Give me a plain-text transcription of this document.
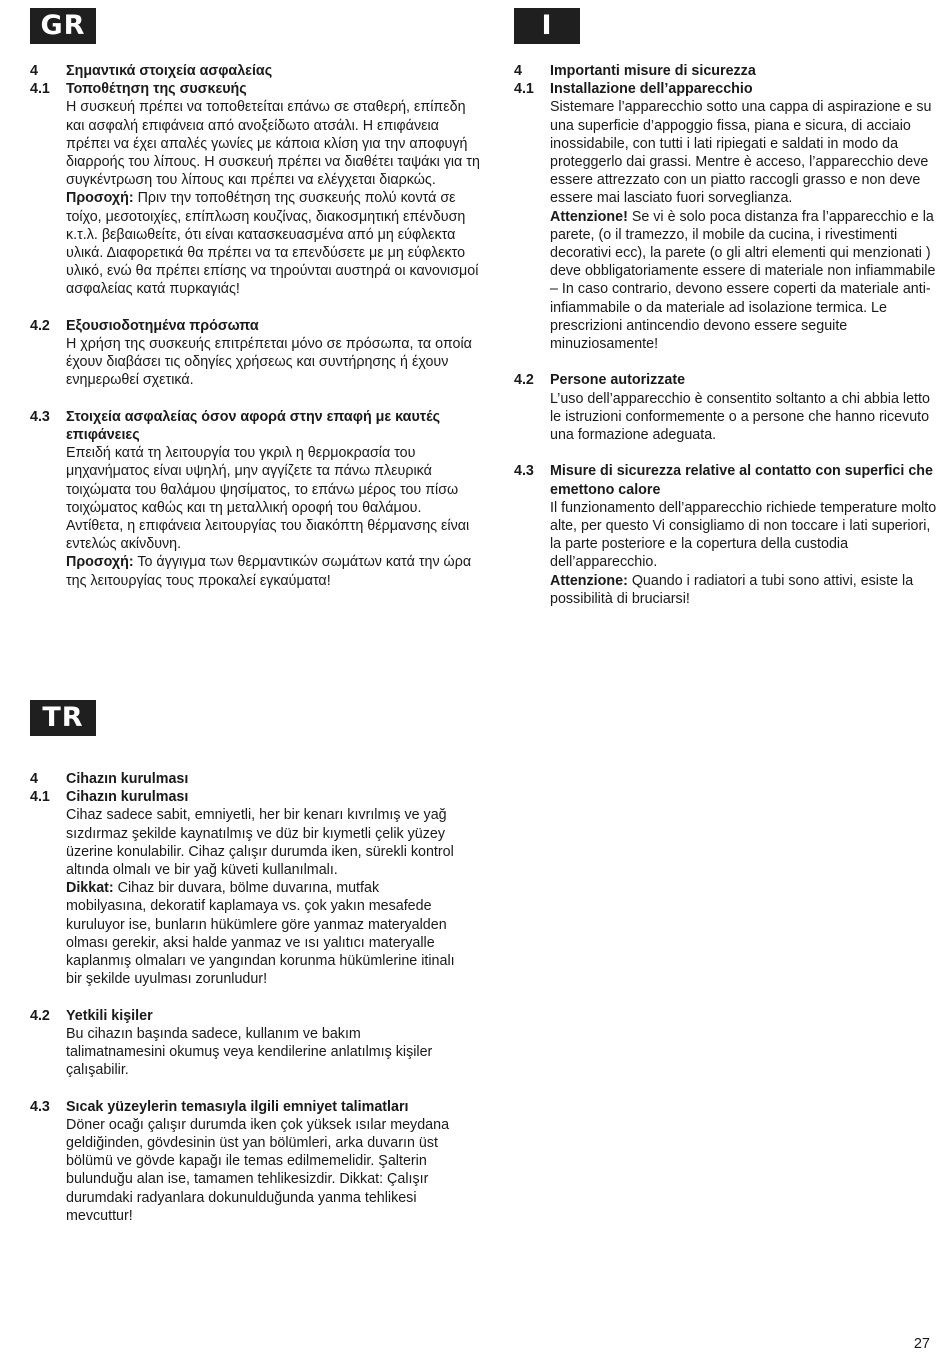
GR
4	Σημαντικά στοιχεία ασφαλείας
4.1	Τοποθέτηση της συσκευής
Η συσκευή πρέπει να τοποθετείται επάνω σε σταθερή, επίπεδη και ασφαλή επιφάνεια από ανοξείδωτο ατσάλι. Η επιφάνεια πρέπει να έχει απαλές γωνίες με κάποια κλίση για την αποφυγή διαρροής του λίπους. Η συσκευή πρέπει να διαθέτει ταψάκι για τη συγκέντρωση του λίπους και πρέπει να ελέγχεται διαρκώς.
Προσοχή: Πριν την τοποθέτηση της συσκευής πολύ κοντά σε τοίχο, μεσοτοιχίες, επίπλωση κουζίνας, διακοσμητική επένδυση κ.τ.λ. βεβαιωθείτε, ότι είναι κατασκευασμένα από μη εύφλεκτα υλικά. Διαφορετικά θα πρέπει να τα επενδύσετε με μη εύφλεκτο υλικό, ενώ θα πρέπει επίσης να τηρούνται αυστηρά οι κανονισμοί ασφαλείας κατά πυρκαγιάς!
4.2	Εξουσιοδοτημένα πρόσωπα
Η χρήση της συσκευής επιτρέπεται μόνο σε πρόσωπα, τα οποία έχουν διαβάσει τις οδηγίες χρήσεως και συντήρησης ή έχουν ενημερωθεί σχετικά.
4.3	Στοιχεία ασφαλείας όσον αφορά στην επαφή με καυτές επιφάνειες
Επειδή κατά τη λειτουργία του γκριλ η θερμοκρασία του μηχανήματος είναι υψηλή, μην αγγίζετε τα πάνω πλευρικά τοιχώματα του θαλάμου ψησίματος, το επάνω μέρος του πίσω τοιχώματος καθώς και τη μεταλλική οροφή του θαλάμου. Αντίθετα, η επιφάνεια λειτουργίας του διακόπτη θέρμανσης είναι εντελώς ακίνδυνη.
Προσοχή: Το άγγιγμα των θερμαντικών σωμάτων κατά την ώρα της λειτουργίας τους προκαλεί εγκαύματα!
I
4	Importanti misure di sicurezza
4.1	Installazione dell’apparecchio
Sistemare l’apparecchio sotto una cappa di aspirazione e su una superficie d’appoggio fissa, piana e sicura, di acciaio inossidabile, con tutti i lati ripiegati e saldati in modo da proteggerlo dai grassi. Mentre è acceso, l’apparecchio deve essere attrezzato con un piatto raccogli grasso e non deve essere mai lasciato fuori sorveglianza.
Attenzione! Se vi è solo poca distanza fra l’apparecchio e la parete, (o il tramezzo, il mobile da cucina, i rivestimenti decorativi ecc), la parete (o gli altri elementi qui menzionati ) deve obbligatoriamente essere di materiale non infiammabile – In caso contrario, devono essere coperti da materiale anti-infiammabile o da materiale ad isolazione termica. Le prescrizioni antincendio devono essere seguite minuziosamente!
4.2	Persone autorizzate
L’uso dell’apparecchio è consentito soltanto a chi abbia letto le istruzioni conformemente o a persone che hanno ricevuto una formazione adeguata.
4.3	Misure di sicurezza relative al contatto con superfici che emettono calore
Il funzionamento dell’apparecchio richiede temperature molto alte, per questo Vi consigliamo di non toccare i lati superiori, la parte posteriore e la copertura della custodia dell’apparecchio.
Attenzione: Quando i radiatori a tubi sono attivi, esiste la possibilità di bruciarsi!
TR
4	Cihazın kurulması
4.1	Cihazın kurulması
Cihaz sadece sabit, emniyetli, her bir kenarı kıvrılmış ve yağ sızdırmaz şekilde kaynatılmış ve düz bir kıymetli çelik yüzey üzerine konulabilir. Cihaz çalışır durumda iken, sürekli kontrol altında olmalı ve bir yağ küveti kullanılmalı.
Dikkat: Cihaz bir duvara, bölme duvarına, mutfak mobilyasına, dekoratif kaplamaya vs. çok yakın mesafede kuruluyor ise, bunların hükümlere göre yanmaz materyalden olması gerekir, aksi halde yanmaz ve ısı yalıtıcı materyalle kaplanmış olmaları ve yangından korunma hükümlerine itinalı bir şekilde uyulması zorunludur!
4.2	Yetkili kişiler
Bu cihazın başında sadece, kullanım ve bakım talimatnamesini okumuş veya kendilerine anlatılmış kişiler çalışabilir.
4.3	Sıcak yüzeylerin temasıyla ilgili emniyet talimatları
Döner ocağı çalışır durumda iken çok yüksek ısılar meydana geldiğinden, gövdesinin üst yan bölümleri, arka duvarın üst bölümü ve gövde kapağı ile temas edilmemelidir. Şalterin bulunduğu alan ise, tamamen tehlikesizdir. Dikkat: Çalışır durumdaki radyanlara dokunulduğunda yanma tehlikesi mevcuttur!
27
